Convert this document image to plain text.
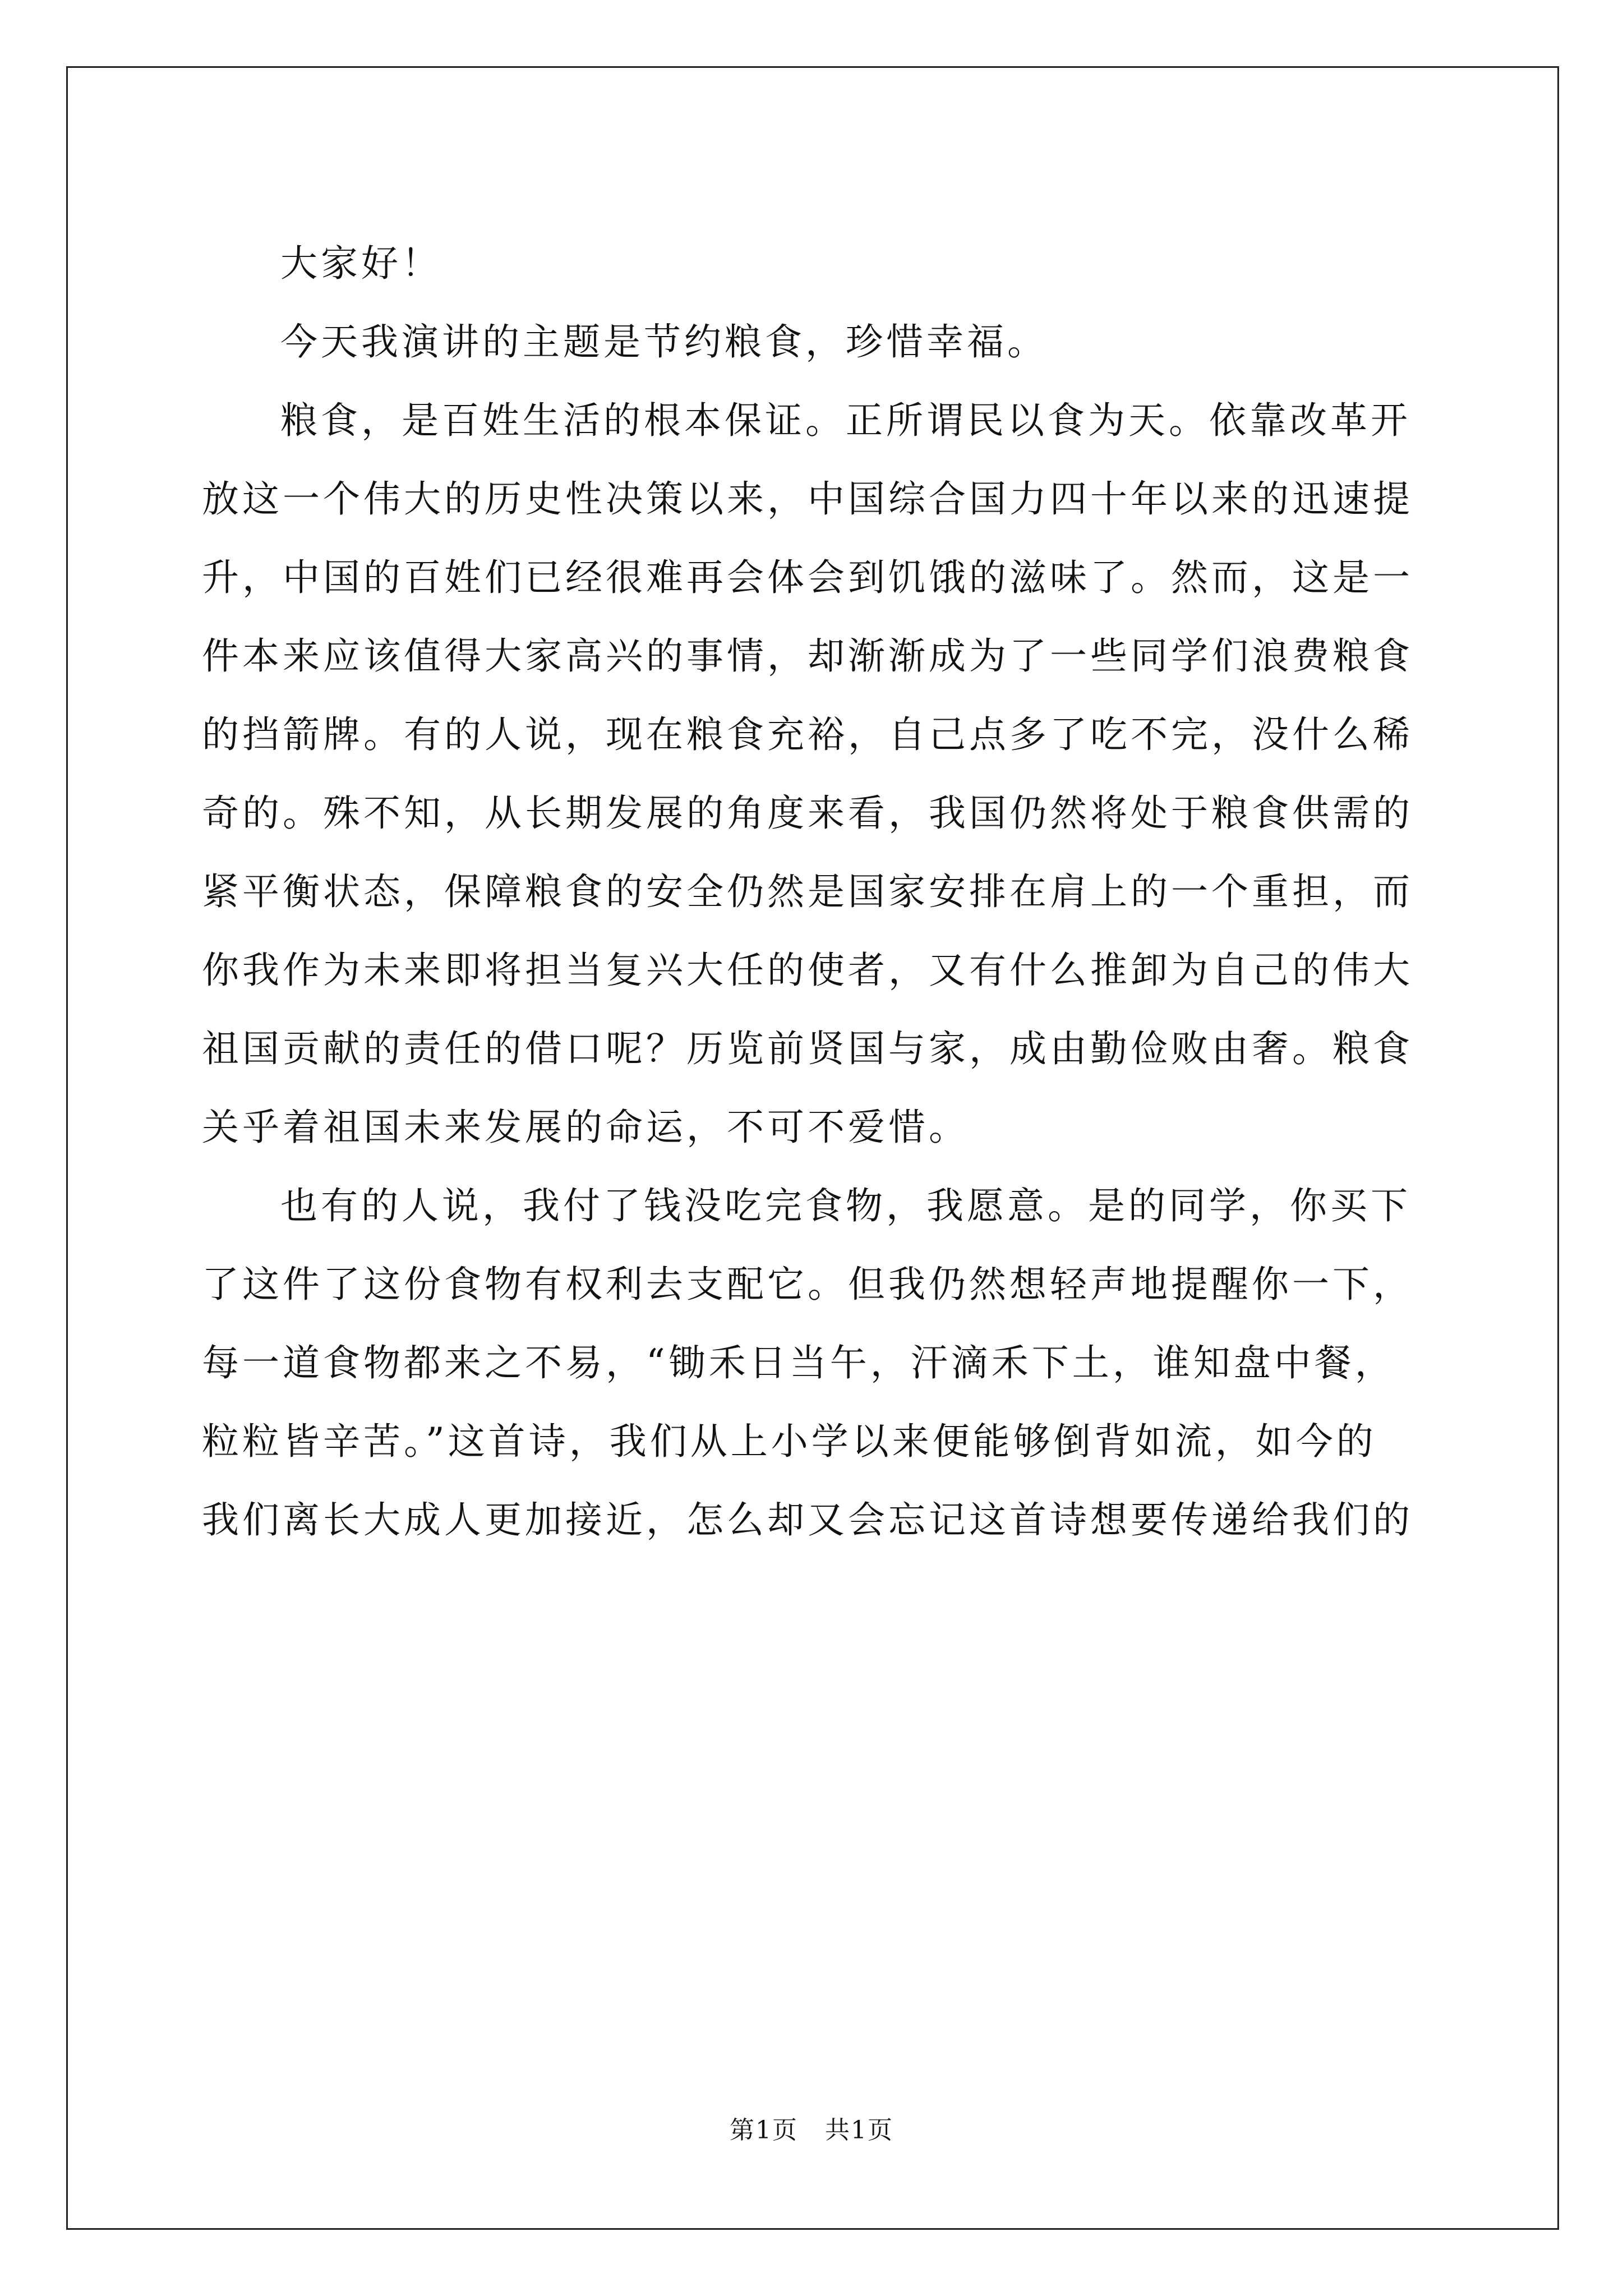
大家好！

今天我演讲的主题是节约粮食，珍惜幸福。

粮食，是百姓生活的根本保证。正所谓民以食为天。依靠改革开
放这一个伟大的历史性决策以来，中国综合国力四十年以来的迅速提
升，中国的百姓们已经很难再会体会到饥饿的滋味了。然而，这是一
件本来应该值得大家高兴的事情，却渐渐成为了一些同学们浪费粮食
的挡箭牌。有的人说，现在粮食充裕，自己点多了吃不完，没什么稀
奇的。殊不知，从长期发展的角度来看，我国仍然将处于粮食供需的
紧平衡状态，保障粮食的安全仍然是国家安排在肩上的一个重担，而
你我作为未来即将担当复兴大任的使者，又有什么推卸为自己的伟大
祖国贡献的责任的借口呢？历览前贤国与家，成由勤俭败由奢。粮食
关乎着祖国未来发展的命运，不可不爱惜。

也有的人说，我付了钱没吃完食物，我愿意。是的同学，你买下
了这件了这份食物有权利去支配它。但我仍然想轻声地提醒你一下，
每一道食物都来之不易，“锄禾日当午，汗滴禾下土，谁知盘中餐，
粒粒皆辛苦。”这首诗，我们从上小学以来便能够倒背如流，如今的
我们离长大成人更加接近，怎么却又会忘记这首诗想要传递给我们的

第1页   共1页
